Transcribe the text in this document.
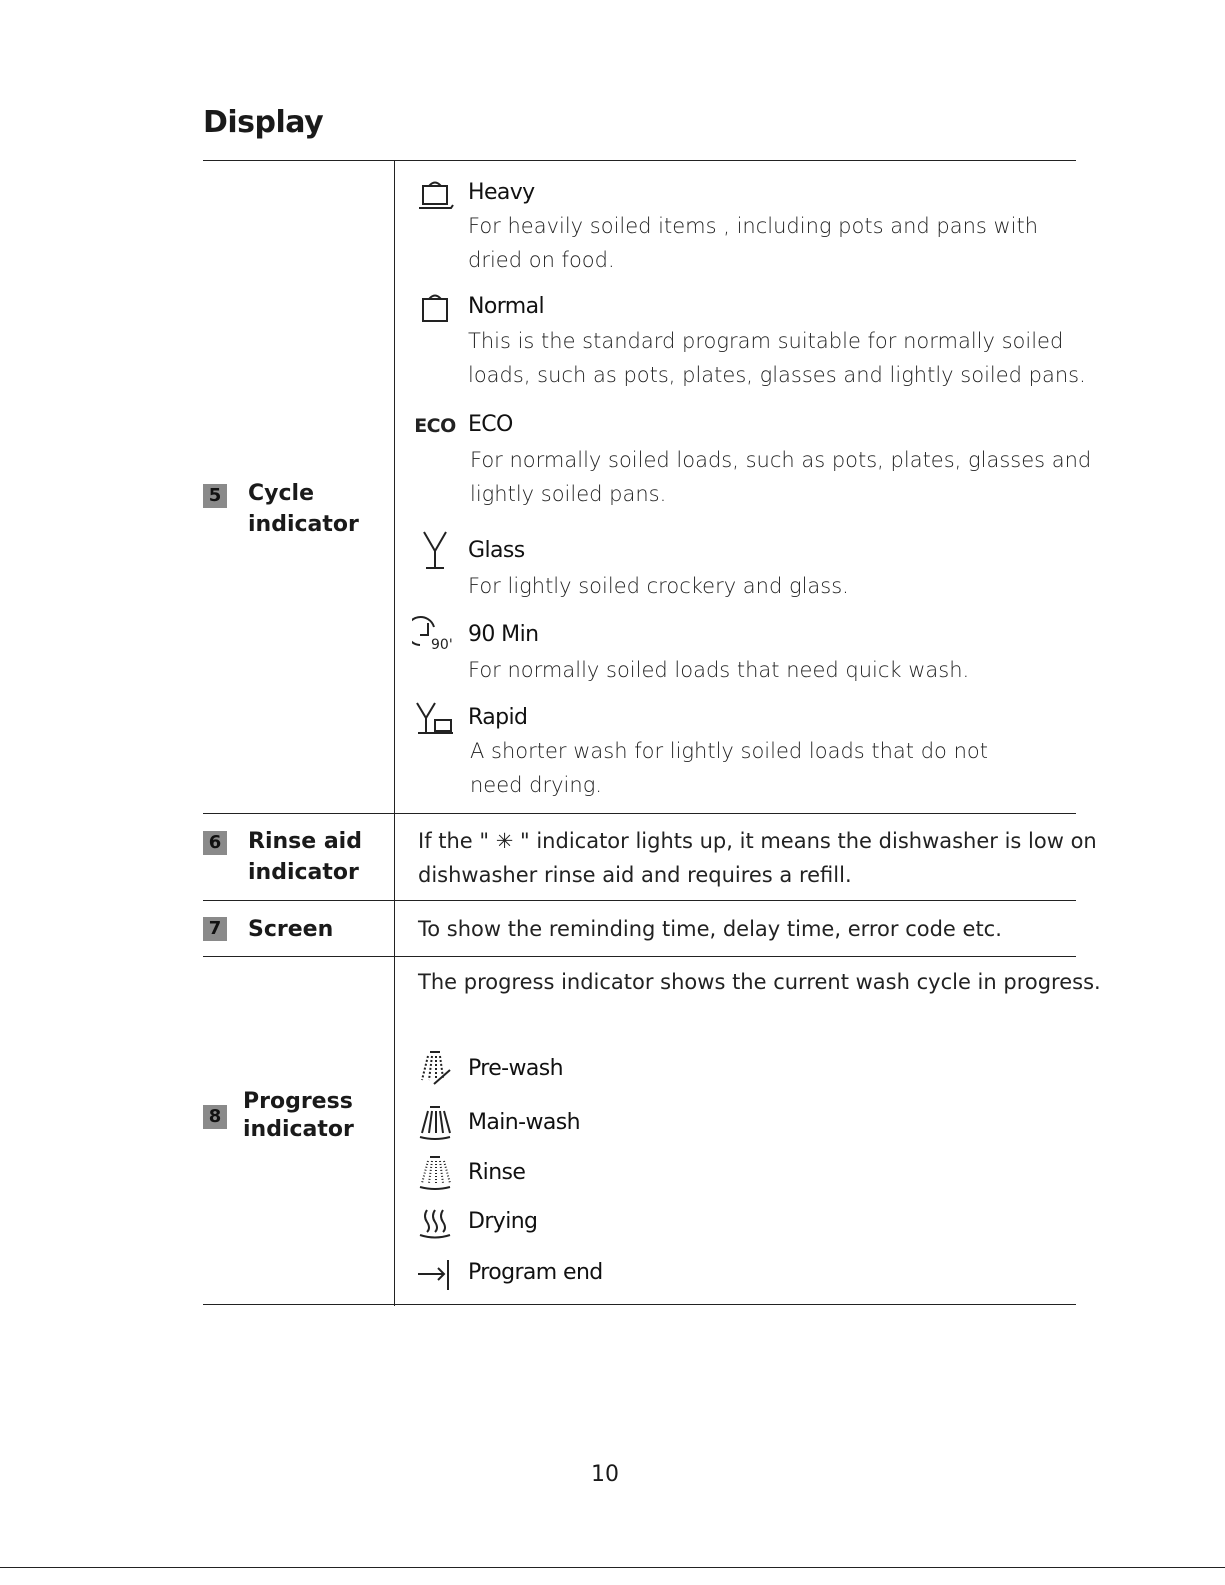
Display
5 Cycle
indicator
Heavy
For heavily soiled items , including pots and pans with
dried on food.
Normal
This is the standard program suitable for normally soiled
loads, such as pots, plates, glasses and lightly soiled pans.
ECO ECO
For normally soiled loads, such as pots, plates, glasses and
lightly soiled pans.
Glass
For lightly soiled crockery and glass.
90' 90 Min
For normally soiled loads that need quick wash.
Rapid
A shorter wash for lightly soiled loads that do not
need drying.
6 Rinse aid
indicator
If the " ✳ " indicator lights up, it means the dishwasher is low on
dishwasher rinse aid and requires a refill.
7 Screen	To show the reminding time, delay time, error code etc.
8
Progress
indicator
The progress indicator shows the current wash cycle in progress.
Pre-wash
Main-wash
Rinse
Drying
Program end
10
